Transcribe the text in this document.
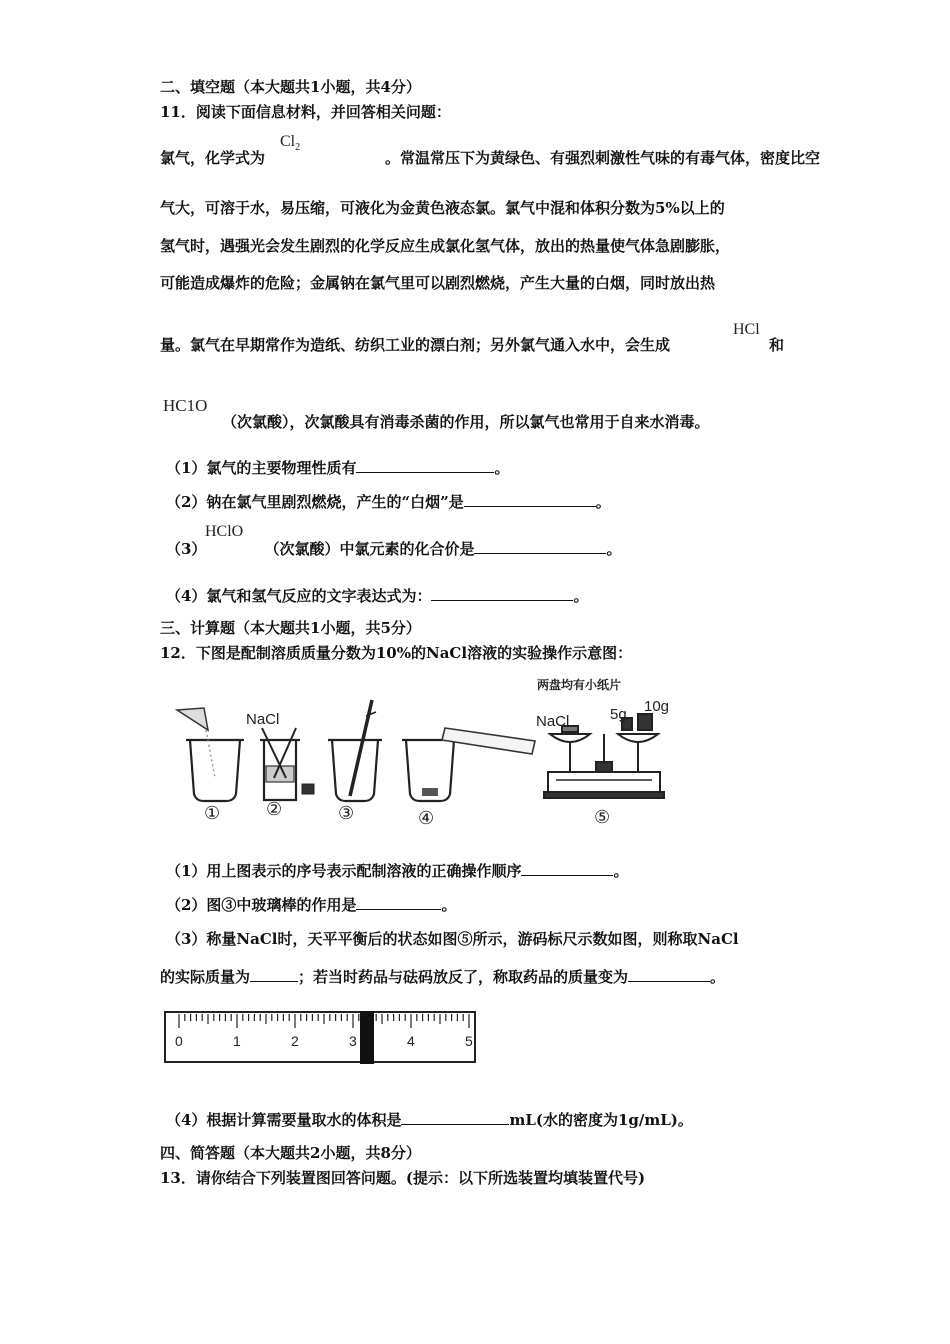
二、填空题（本大题共1小题，共4分）
11．阅读下面信息材料，并回答相关问题：
氯气，化学式为	。常温常压下为黄绿色、有强烈刺激性气味的有毒气体，密度比空
$Cl_2$
气大，可溶于水，易压缩，可液化为金黄色液态氯。氯气中混和体积分数为5%以上的
氢气时，遇强光会发生剧烈的化学反应生成氯化氢气体，放出的热量使气体急剧膨胀，
可能造成爆炸的危险；金属钠在氯气里可以剧烈燃烧，产生大量的白烟，同时放出热
量。氯气在早期常作为造纸、纺织工业的漂白剂；另外氯气通入水中，会生成
HCl
和
HC1O
（次氯酸），次氯酸具有消毒杀菌的作用，所以氯气也常用于自来水消毒。
（1）氯气的主要物理性质有	。
（2）钠在氯气里剧烈燃烧，产生的“白烟”是	。
（3）	（次氯酸）中氯元素的化合价是	。
HClO
（4）氯气和氢气反应的文字表达式为：	。
三、计算题（本大题共1小题，共5分）
12．下图是配制溶质质量分数为10%的NaCl溶液的实验操作示意图：
NaCl
两盘均有小纸片
NaCl	5g 10g
①	②	③	④	⑤
（1）用上图表示的序号表示配制溶液的正确操作顺序	。
（2）图③中玻璃棒的作用是	。
（3）称量NaCl时，天平平衡后的状态如图⑤所示，游码标尺示数如图，则称取NaCl
的实际质量为	；若当时药品与砝码放反了，称取药品的质量变为	。
0	1	2	3	4	5
（4）根据计算需要量取水的体积是	mL(水的密度为1g/mL)。
四、简答题（本大题共2小题，共8分）
13．请你结合下列装置图回答问题。(提示：以下所选装置均填装置代号)
